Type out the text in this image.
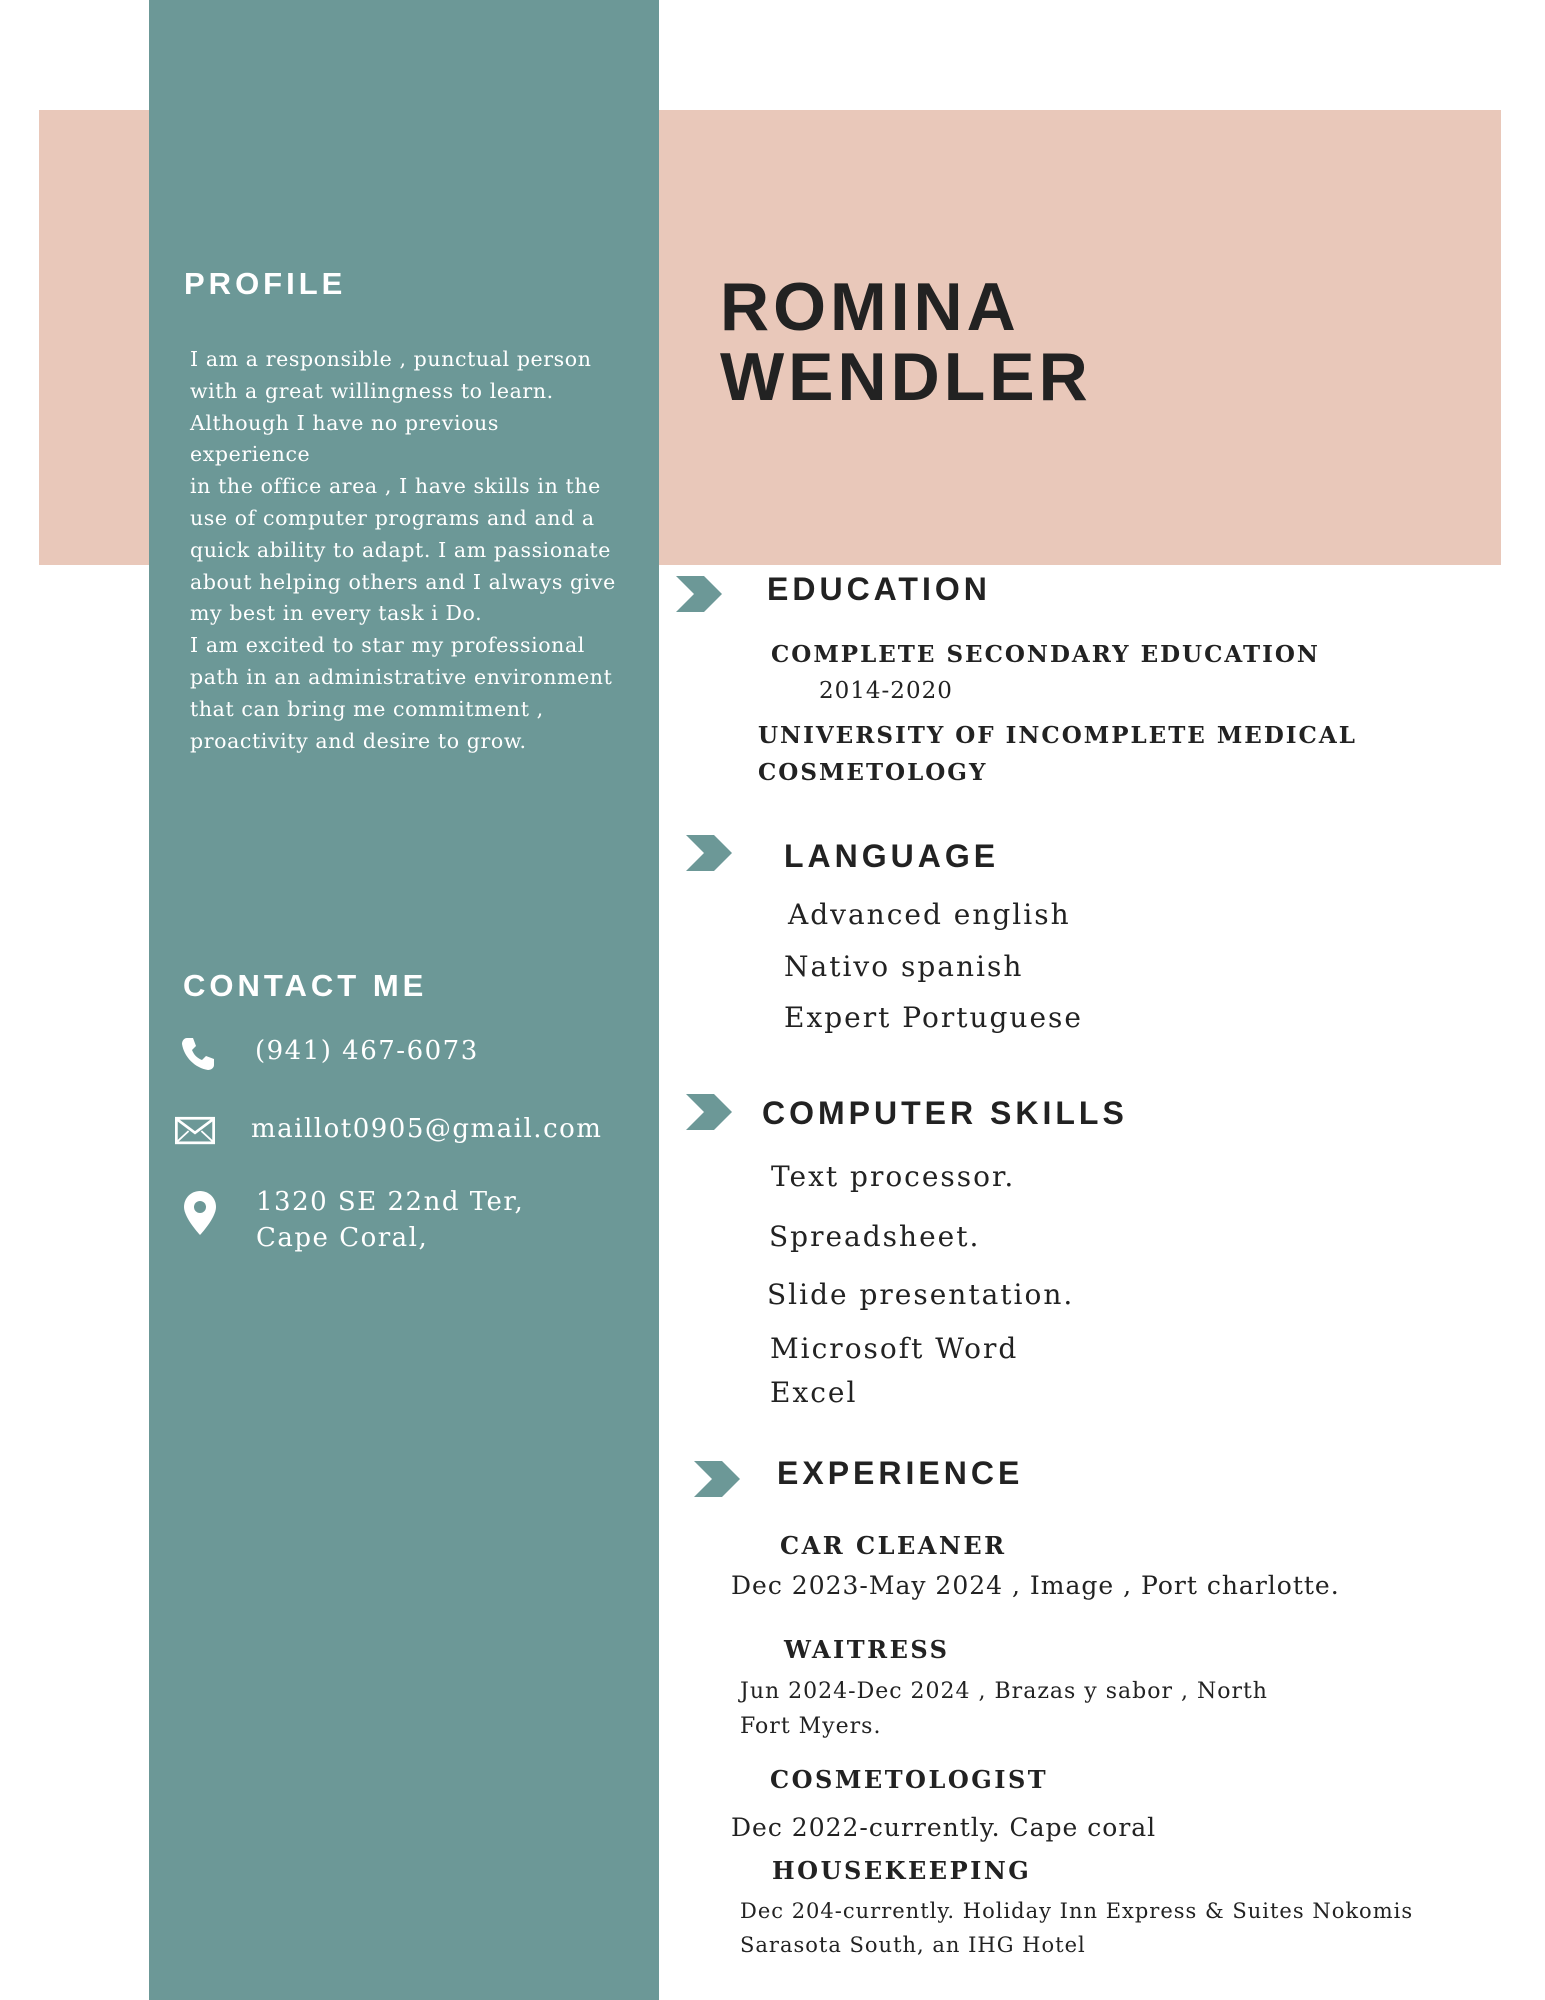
PROFILE

I am a responsible , punctual person

with a great willingness to learn.

Although I have no previous experience

in the office area , I have skills in the

use of computer programs and and a

quick ability to adapt. I am passionate

about helping others and I always give

my best in every task i Do.

I am excited to star my professional

path in an administrative environment

that can bring me commitment ,

proactivity and desire to grow.

CONTACT ME
(941) 467-6073
maillot0905@gmail.com
1320 SE 22nd Ter,
Cape Coral,
ROMINA
WENDLER
EDUCATION
COMPLETE SECONDARY EDUCATION
2014-2020
UNIVERSITY OF INCOMPLETE MEDICAL
COSMETOLOGY
LANGUAGE
Advanced english
Nativo spanish
Expert Portuguese
COMPUTER SKILLS
Text processor.
Spreadsheet.
Slide presentation.
Microsoft Word
Excel
EXPERIENCE
CAR CLEANER
Dec 2023-May 2024 , Image , Port charlotte.
WAITRESS
Jun 2024-Dec 2024 , Brazas y sabor , North
Fort Myers.
COSMETOLOGIST
Dec 2022-currently. Cape coral
HOUSEKEEPING
Dec 204-currently. Holiday Inn Express & Suites Nokomis
Sarasota South, an IHG Hotel
